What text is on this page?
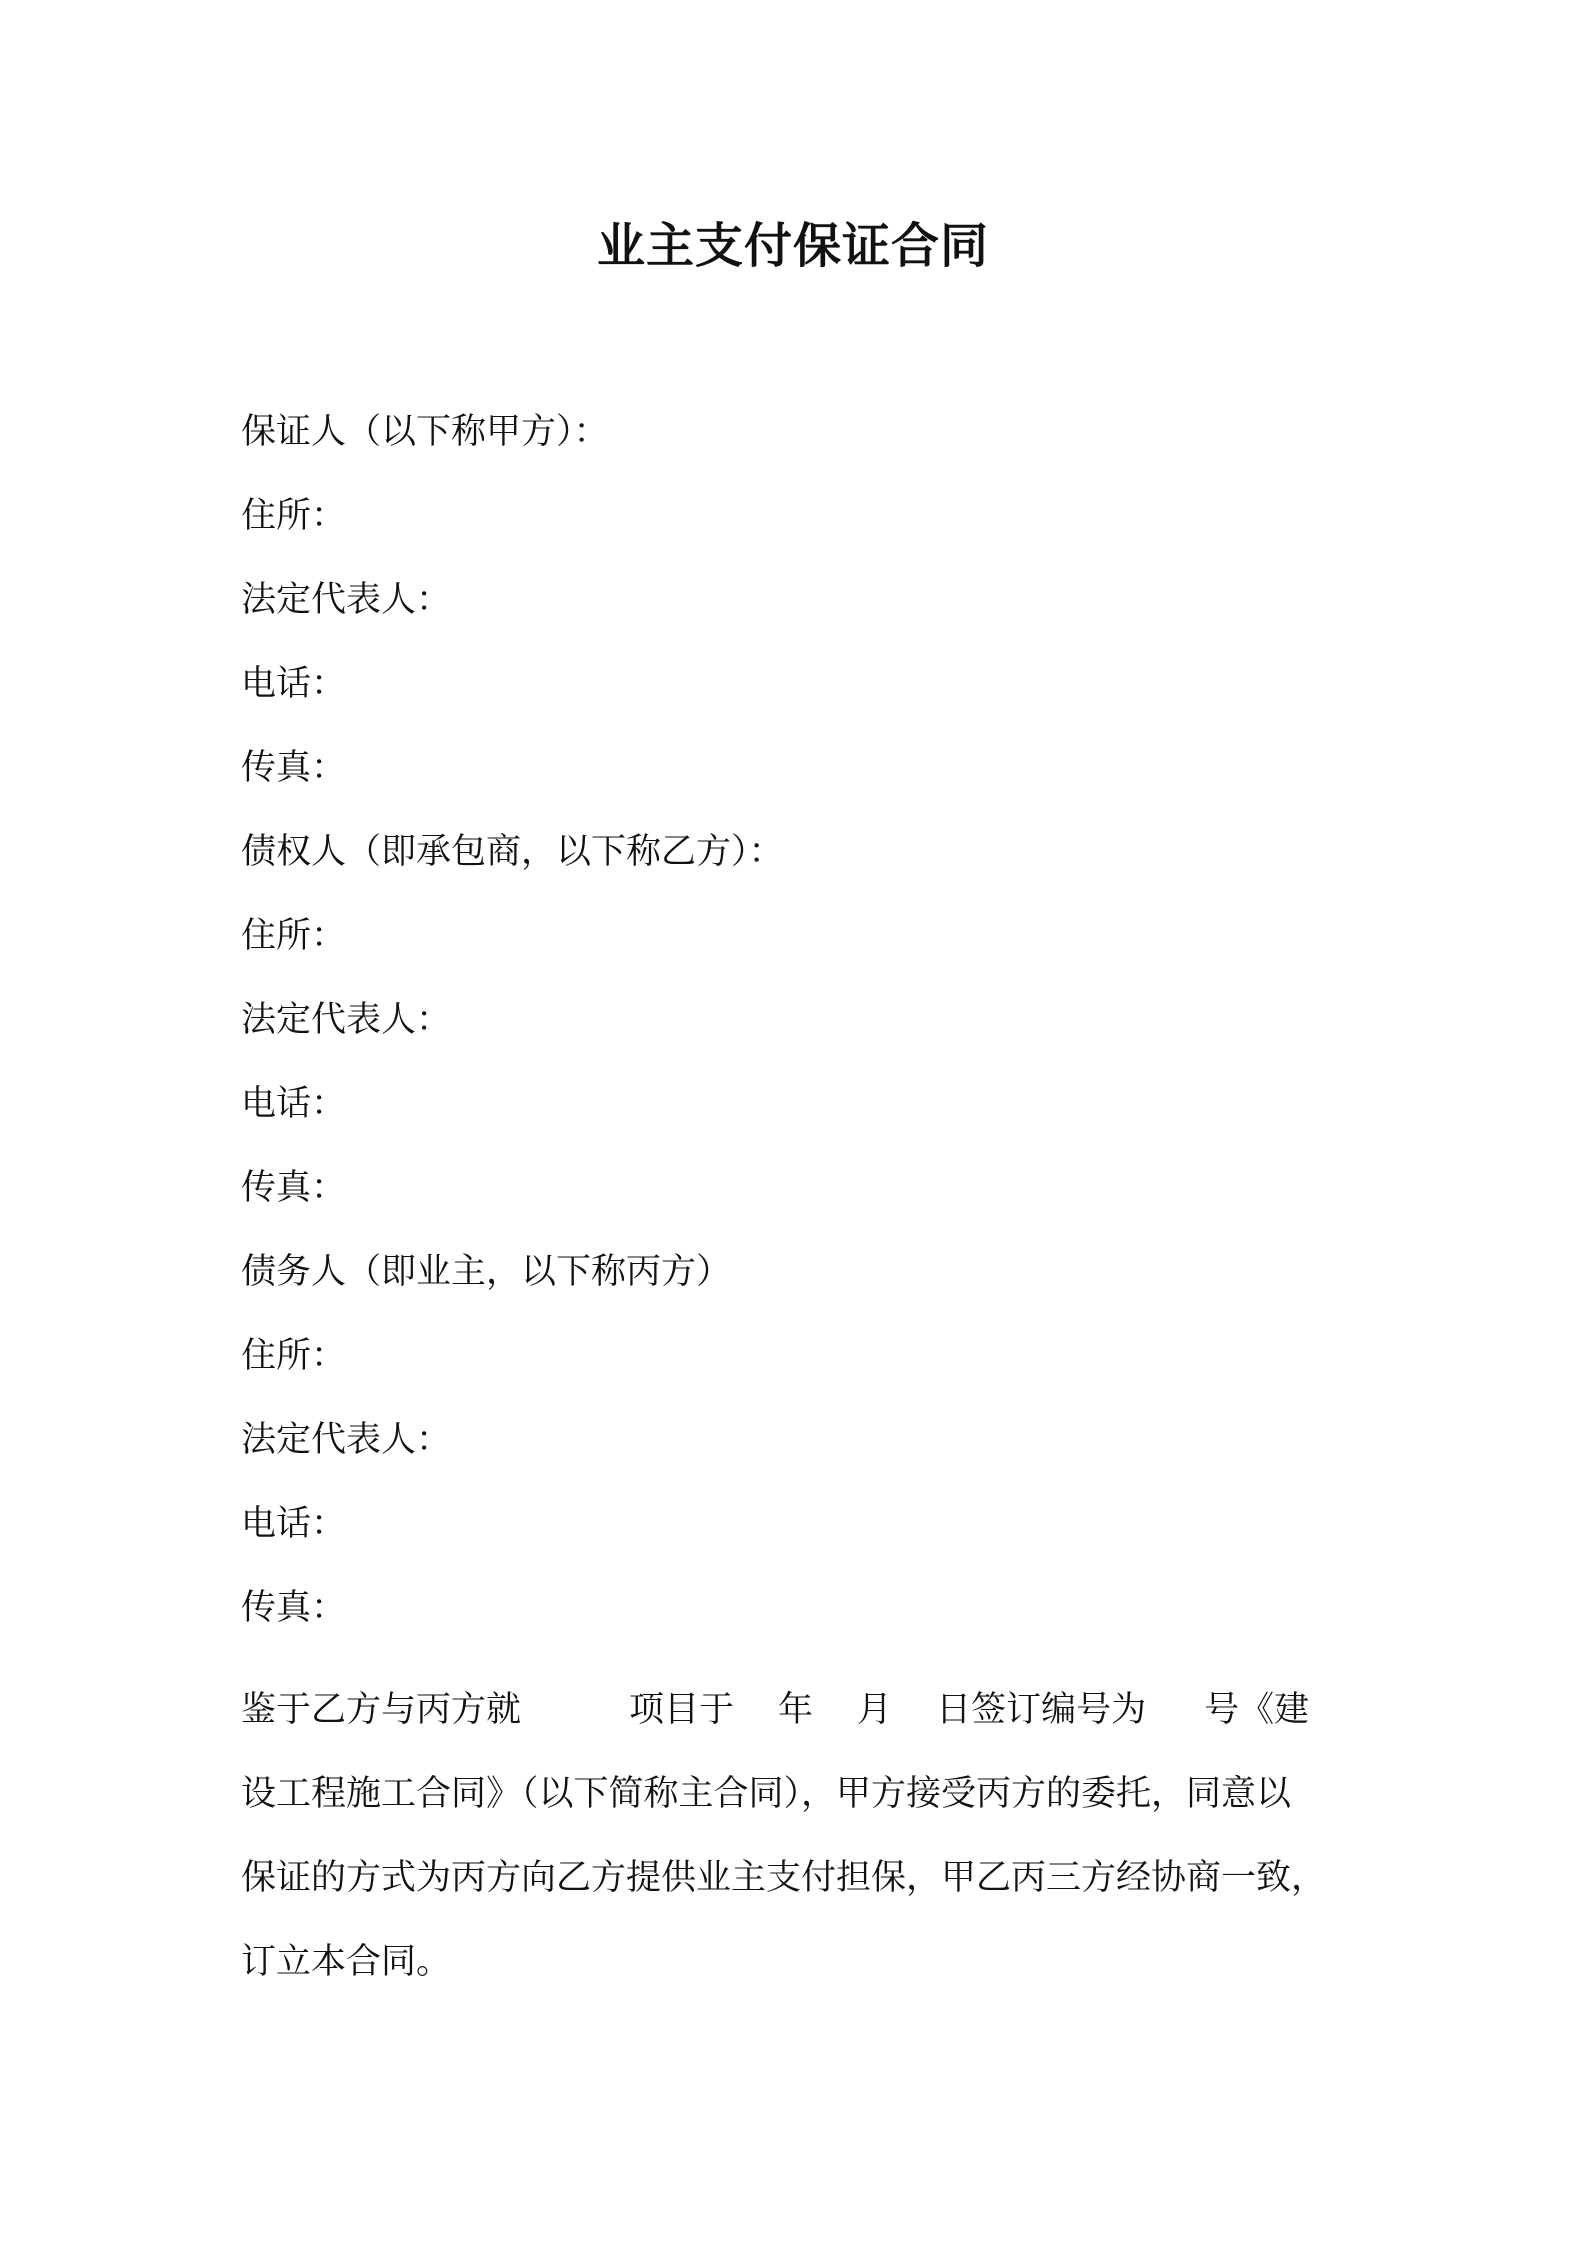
业主支付保证合同
保证人（以下称甲方）：
住所：
法定代表人：
电话：
传真：
债权人（即承包商，以下称乙方）：
住所：
法定代表人：
电话：
传真：
债务人（即业主，以下称丙方）
住所：
法定代表人：
电话：
传真：
鉴于乙方与丙方就	项目于 年 月 日签订编号为 号《建
设工程施工合同》（以下简称主合同），甲方接受丙方的委托，同意以
保证的方式为丙方向乙方提供业主支付担保，甲乙丙三方经协商一致，
订立本合同。
